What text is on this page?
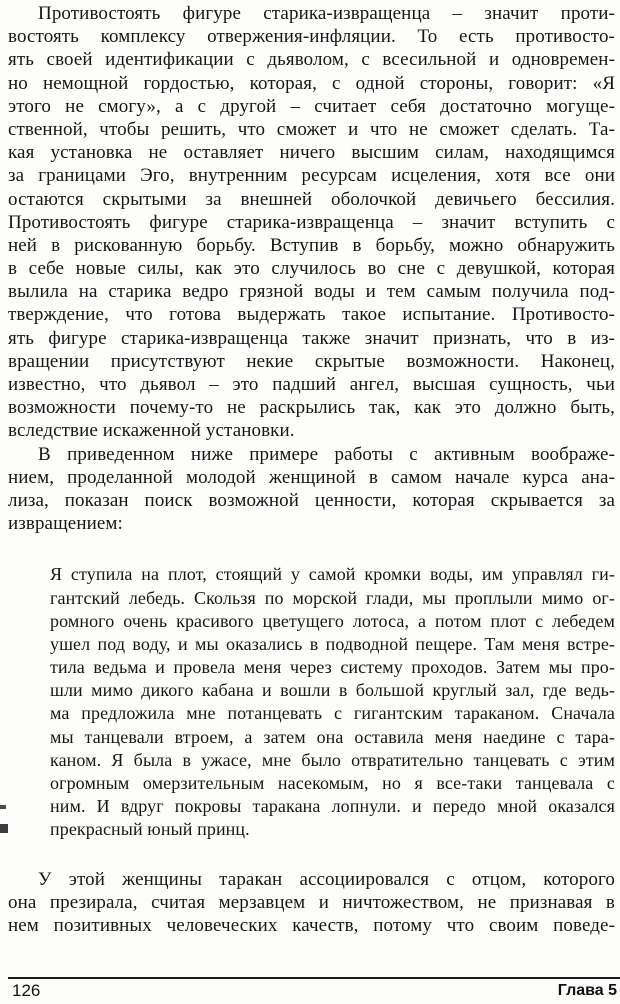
Противостоять фигуре старика-извращенца – значит проти-
востоять комплексу отвержения-инфляции. То есть противосто-
ять своей идентификации с дьяволом, с всесильной и одновремен-
но немощной гордостью, которая, с одной стороны, говорит: «Я
этого не смогу», а с другой – считает себя достаточно могуще-
ственной, чтобы решить, что сможет и что не сможет сделать. Та-
кая установка не оставляет ничего высшим силам, находящимся
за границами Эго, внутренним ресурсам исцеления, хотя все они
остаются скрытыми за внешней оболочкой девичьего бессилия.
Противостоять фигуре старика-извращенца – значит вступить с
ней в рискованную борьбу. Вступив в борьбу, можно обнаружить
в себе новые силы, как это случилось во сне с девушкой, которая
вылила на старика ведро грязной воды и тем самым получила под-
тверждение, что готова выдержать такое испытание. Противосто-
ять фигуре старика-извращенца также значит признать, что в из-
вращении присутствуют некие скрытые возможности. Наконец,
известно, что дьявол – это падший ангел, высшая сущность, чьи
возможности почему-то не раскрылись так, как это должно быть,
вследствие искаженной установки.
В приведенном ниже примере работы с активным воображе-
нием, проделанной молодой женщиной в самом начале курса ана-
лиза, показан поиск возможной ценности, которая скрывается за
извращением:
Я ступила на плот, стоящий у самой кромки воды, им управлял ги-
гантский лебедь. Скользя по морской глади, мы проплыли мимо ог-
ромного очень красивого цветущего лотоса, а потом плот с лебедем
ушел под воду, и мы оказались в подводной пещере. Там меня встре-
тила ведьма и провела меня через систему проходов. Затем мы про-
шли мимо дикого кабана и вошли в большой круглый зал, где ведь-
ма предложила мне потанцевать с гигантским тараканом. Сначала
мы танцевали втроем, а затем она оставила меня наедине с тара-
каном. Я была в ужасе, мне было отвратительно танцевать с этим
огромным омерзительным насекомым, но я все-таки танцевала с
ним. И вдруг покровы таракана лопнули. и передо мной оказался
прекрасный юный принц.
У этой женщины таракан ассоциировался с отцом, которого
она презирала, считая мерзавцем и ничтожеством, не признавая в
нем позитивных человеческих качеств, потому что своим поведе-
126	Глава 5
